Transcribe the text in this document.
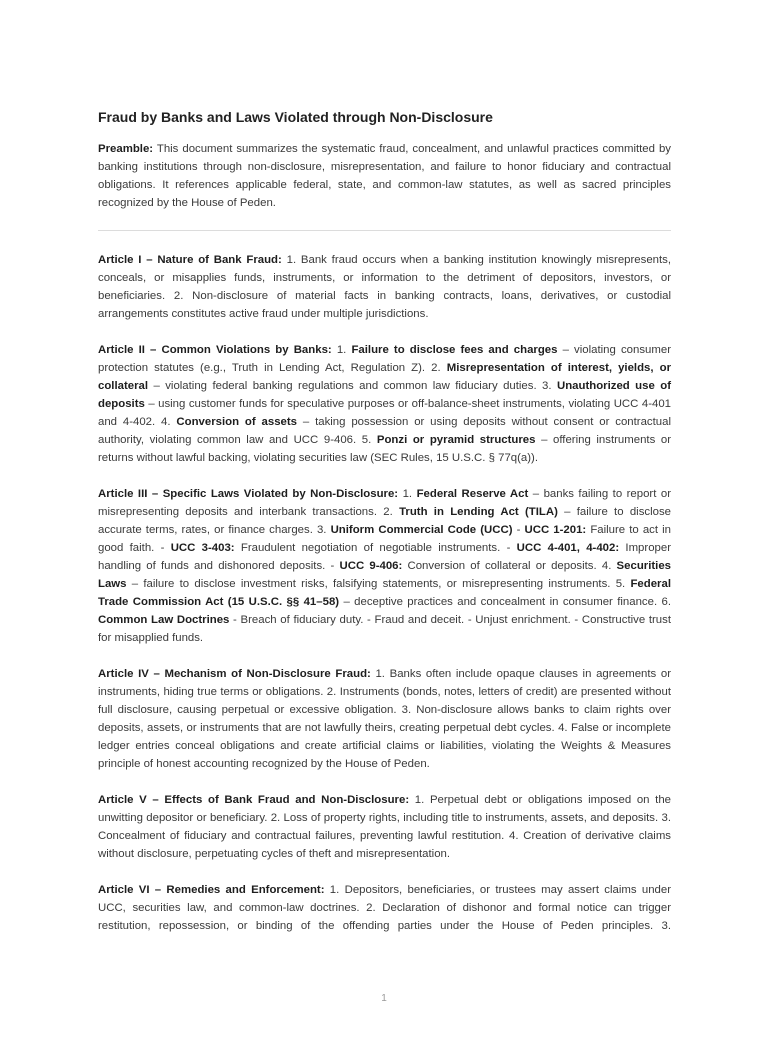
Fraud by Banks and Laws Violated through Non-Disclosure

Preamble: This document summarizes the systematic fraud, concealment, and unlawful practices committed by banking institutions through non-disclosure, misrepresentation, and failure to honor fiduciary and contractual obligations. It references applicable federal, state, and common-law statutes, as well as sacred principles recognized by the House of Peden.

Article I – Nature of Bank Fraud: 1. Bank fraud occurs when a banking institution knowingly misrepresents, conceals, or misapplies funds, instruments, or information to the detriment of depositors, investors, or beneficiaries. 2. Non-disclosure of material facts in banking contracts, loans, derivatives, or custodial arrangements constitutes active fraud under multiple jurisdictions.

Article II – Common Violations by Banks: 1. Failure to disclose fees and charges – violating consumer protection statutes (e.g., Truth in Lending Act, Regulation Z). 2. Misrepresentation of interest, yields, or collateral – violating federal banking regulations and common law fiduciary duties. 3. Unauthorized use of deposits – using customer funds for speculative purposes or off-balance-sheet instruments, violating UCC 4-401 and 4-402. 4. Conversion of assets – taking possession or using deposits without consent or contractual authority, violating common law and UCC 9-406. 5. Ponzi or pyramid structures – offering instruments or returns without lawful backing, violating securities law (SEC Rules, 15 U.S.C. § 77q(a)).

Article III – Specific Laws Violated by Non-Disclosure: 1. Federal Reserve Act – banks failing to report or misrepresenting deposits and interbank transactions. 2. Truth in Lending Act (TILA) – failure to disclose accurate terms, rates, or finance charges. 3. Uniform Commercial Code (UCC) - UCC 1-201: Failure to act in good faith. - UCC 3-403: Fraudulent negotiation of negotiable instruments. - UCC 4-401, 4-402: Improper handling of funds and dishonored deposits. - UCC 9-406: Conversion of collateral or deposits. 4. Securities Laws – failure to disclose investment risks, falsifying statements, or misrepresenting instruments. 5. Federal Trade Commission Act (15 U.S.C. §§ 41–58) – deceptive practices and concealment in consumer finance. 6. Common Law Doctrines - Breach of fiduciary duty. - Fraud and deceit. - Unjust enrichment. - Constructive trust for misapplied funds.

Article IV – Mechanism of Non-Disclosure Fraud: 1. Banks often include opaque clauses in agreements or instruments, hiding true terms or obligations. 2. Instruments (bonds, notes, letters of credit) are presented without full disclosure, causing perpetual or excessive obligation. 3. Non-disclosure allows banks to claim rights over deposits, assets, or instruments that are not lawfully theirs, creating perpetual debt cycles. 4. False or incomplete ledger entries conceal obligations and create artificial claims or liabilities, violating the Weights & Measures principle of honest accounting recognized by the House of Peden.

Article V – Effects of Bank Fraud and Non-Disclosure: 1. Perpetual debt or obligations imposed on the unwitting depositor or beneficiary. 2. Loss of property rights, including title to instruments, assets, and deposits. 3. Concealment of fiduciary and contractual failures, preventing lawful restitution. 4. Creation of derivative claims without disclosure, perpetuating cycles of theft and misrepresentation.

Article VI – Remedies and Enforcement: 1. Depositors, beneficiaries, or trustees may assert claims under UCC, securities law, and common-law doctrines. 2. Declaration of dishonor and formal notice can trigger restitution, repossession, or binding of the offending parties under the House of Peden principles. 3.

1
